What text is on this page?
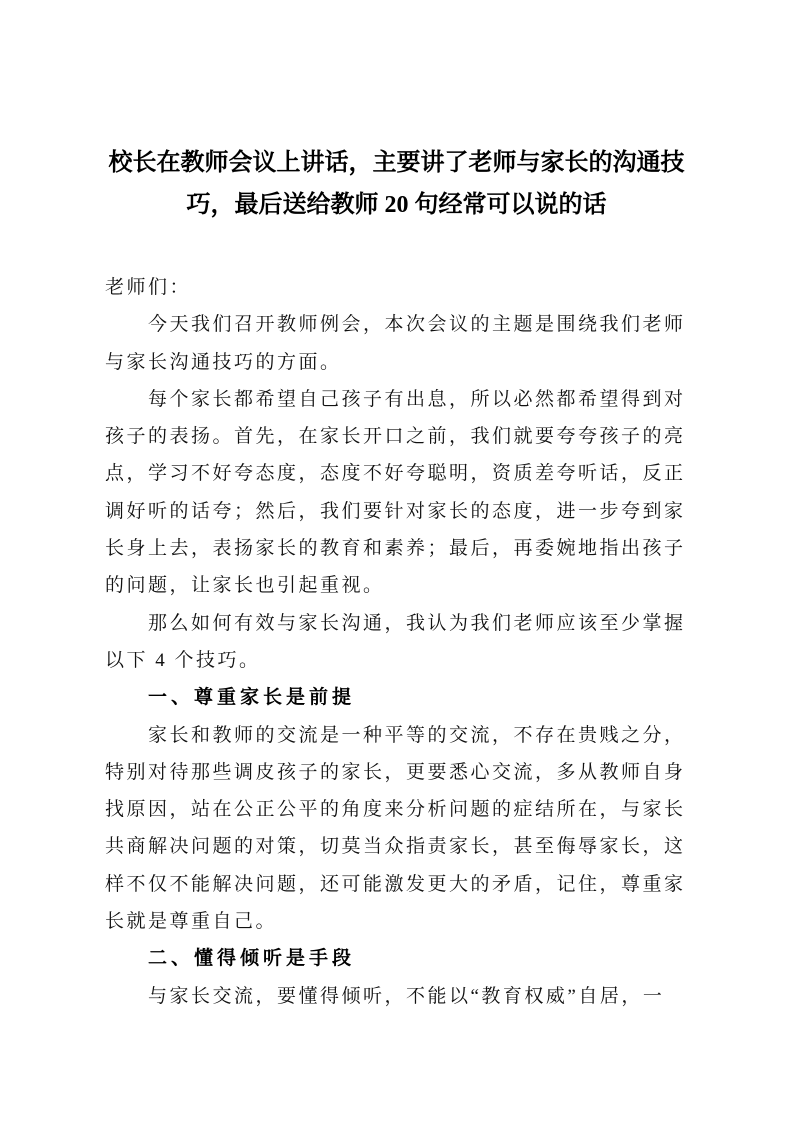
校长在教师会议上讲话，主要讲了老师与家长的沟通技
巧，最后送给教师 20 句经常可以说的话
老师们：
今天我们召开教师例会，本次会议的主题是围绕我们老师
与家长沟通技巧的方面。
每个家长都希望自己孩子有出息，所以必然都希望得到对
孩子的表扬。首先，在家长开口之前，我们就要夸夸孩子的亮
点，学习不好夸态度，态度不好夸聪明，资质差夸听话，反正
调好听的话夸；然后，我们要针对家长的态度，进一步夸到家
长身上去，表扬家长的教育和素养；最后，再委婉地指出孩子
的问题，让家长也引起重视。
那么如何有效与家长沟通，我认为我们老师应该至少掌握
以下 4 个技巧。
一、尊重家长是前提
家长和教师的交流是一种平等的交流，不存在贵贱之分，
特别对待那些调皮孩子的家长，更要悉心交流，多从教师自身
找原因，站在公正公平的角度来分析问题的症结所在，与家长
共商解决问题的对策，切莫当众指责家长，甚至侮辱家长，这
样不仅不能解决问题，还可能激发更大的矛盾，记住，尊重家
长就是尊重自己。
二、懂得倾听是手段
与家长交流，要懂得倾听，不能以“教育权威”自居，一
